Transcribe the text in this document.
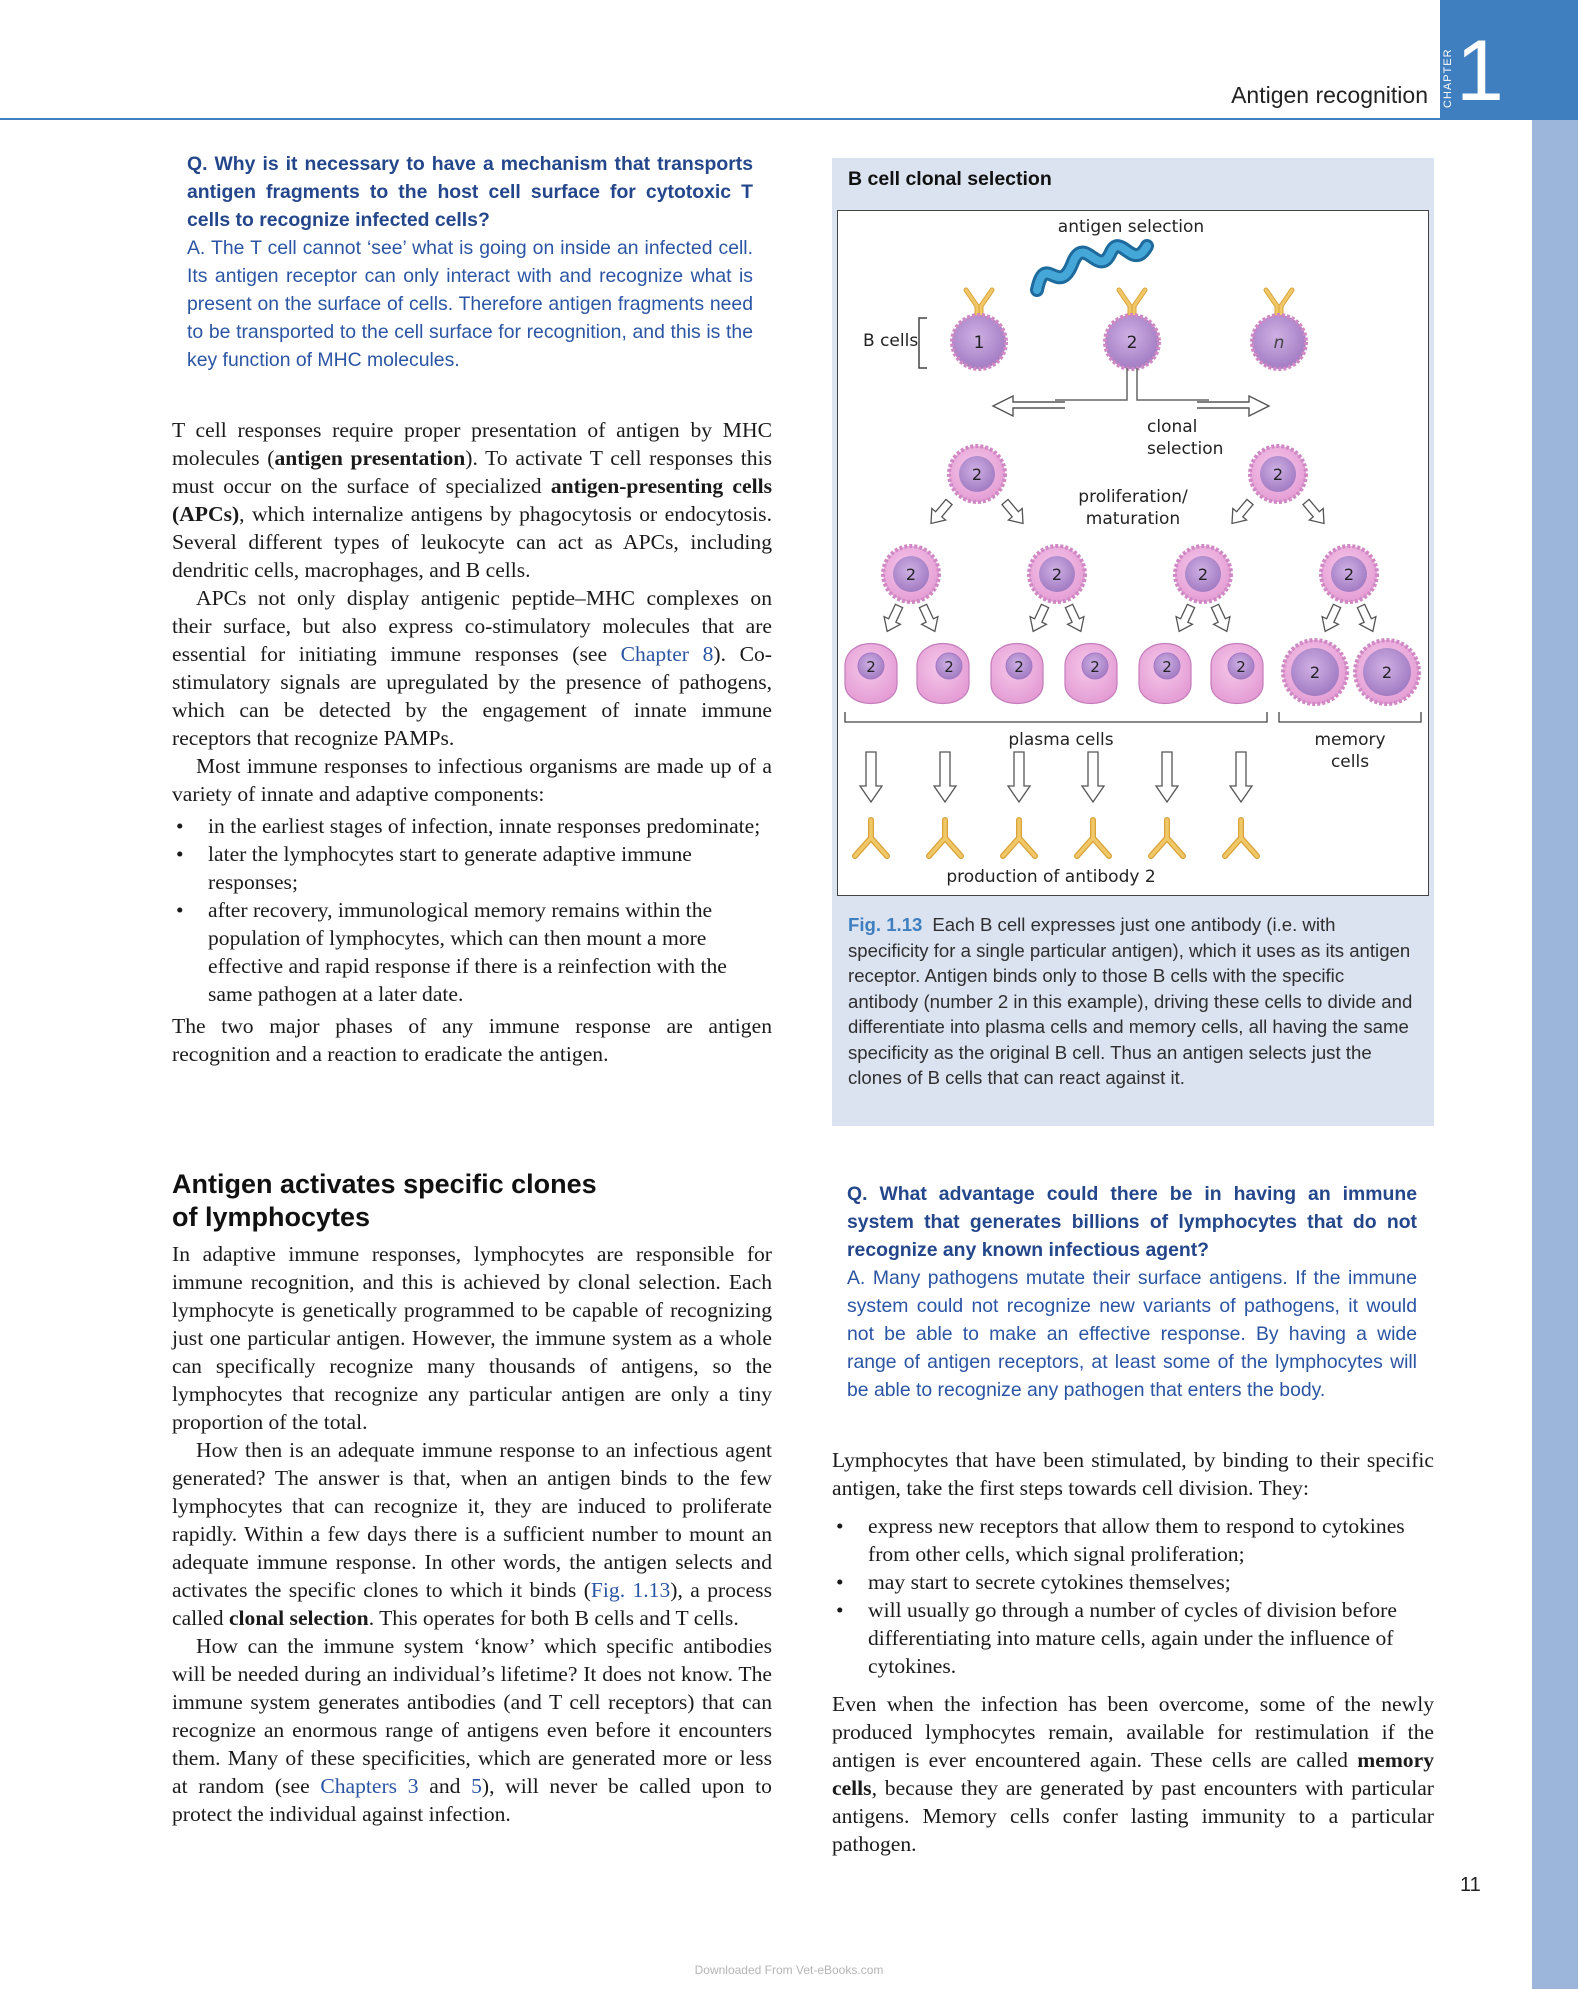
CHAPTER 1
Antigen recognition
Q. Why is it necessary to have a mechanism that transports antigen fragments to the host cell surface for cytotoxic T cells to recognize infected cells?
A. The T cell cannot ‘see’ what is going on inside an infected cell. Its antigen receptor can only interact with and recognize what is present on the surface of cells. Therefore antigen fragments need to be transported to the cell surface for recognition, and this is the key function of MHC molecules.

T cell responses require proper presentation of antigen by MHC molecules (antigen presentation). To activate T cell responses this must occur on the surface of specialized antigen-presenting cells (APCs), which internalize antigens by phagocytosis or endocytosis. Several different types of leukocyte can act as APCs, including dendritic cells, macrophages, and B cells.

APCs not only display antigenic peptide–MHC complexes on their surface, but also express co-stimulatory molecules that are essential for initiating immune responses (see Chapter 8). Co-stimulatory signals are upregulated by the presence of pathogens, which can be detected by the engagement of innate immune receptors that recognize PAMPs.

Most immune responses to infectious organisms are made up of a variety of innate and adaptive components:

• in the earliest stages of infection, innate responses predominate;
• later the lymphocytes start to generate adaptive immune responses;
• after recovery, immunological memory remains within the population of lymphocytes, which can then mount a more effective and rapid response if there is a reinfection with the same pathogen at a later date.

The two major phases of any immune response are antigen recognition and a reaction to eradicate the antigen.

Antigen activates specific clones
of lymphocytes

In adaptive immune responses, lymphocytes are responsible for immune recognition, and this is achieved by clonal selection. Each lymphocyte is genetically programmed to be capable of recognizing just one particular antigen. However, the immune system as a whole can specifically recognize many thousands of antigens, so the lymphocytes that recognize any particular antigen are only a tiny proportion of the total.

How then is an adequate immune response to an infectious agent generated? The answer is that, when an antigen binds to the few lymphocytes that can recognize it, they are induced to proliferate rapidly. Within a few days there is a sufficient number to mount an adequate immune response. In other words, the antigen selects and activates the specific clones to which it binds (Fig. 1.13), a process called clonal selection. This operates for both B cells and T cells.

How can the immune system ‘know’ which specific antibodies will be needed during an individual’s lifetime? It does not know. The immune system generates antibodies (and T cell receptors) that can recognize an enormous range of antigens even before it encounters them. Many of these specificities, which are generated more or less at random (see Chapters 3 and 5), will never be called upon to protect the individual against infection.

B cell clonal selection
antigen selection
B cells	1	2	n
clonal
selection
proliferation/
maturation
2	2
2	2	2	2
2	2	2	2	2	2	2	2
plasma cells	memory
cells
production of antibody 2
Fig. 1.13 Each B cell expresses just one antibody (i.e. with specificity for a single particular antigen), which it uses as its antigen receptor. Antigen binds only to those B cells with the specific antibody (number 2 in this example), driving these cells to divide and differentiate into plasma cells and memory cells, all having the same specificity as the original B cell. Thus an antigen selects just the clones of B cells that can react against it.
Q. What advantage could there be in having an immune system that generates billions of lymphocytes that do not recognize any known infectious agent?
A. Many pathogens mutate their surface antigens. If the immune system could not recognize new variants of pathogens, it would not be able to make an effective response. By having a wide range of antigen receptors, at least some of the lymphocytes will be able to recognize any pathogen that enters the body.

Lymphocytes that have been stimulated, by binding to their specific antigen, take the first steps towards cell division. They:

• express new receptors that allow them to respond to cytokines from other cells, which signal proliferation;
• may start to secrete cytokines themselves;
• will usually go through a number of cycles of division before differentiating into mature cells, again under the influence of cytokines.

Even when the infection has been overcome, some of the newly produced lymphocytes remain, available for restimulation if the antigen is ever encountered again. These cells are called memory cells, because they are generated by past encounters with particular antigens. Memory cells confer lasting immunity to a particular pathogen.

11
Downloaded From Vet-eBooks.com
